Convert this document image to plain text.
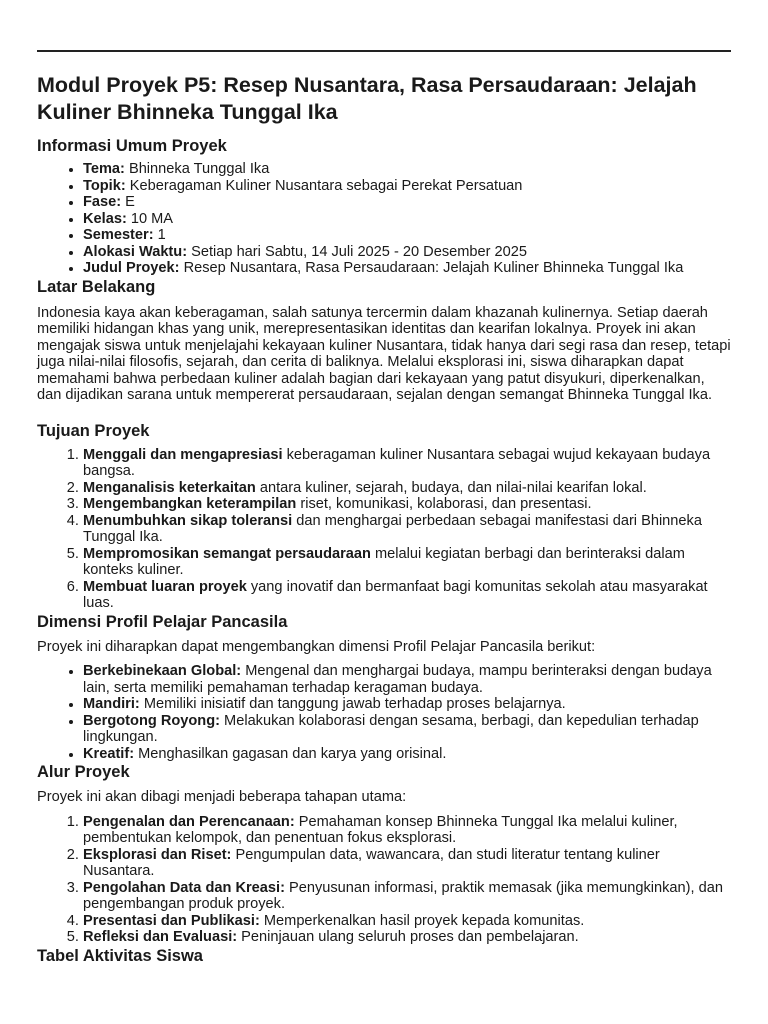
Modul Proyek P5: Resep Nusantara, Rasa Persaudaraan: Jelajah Kuliner Bhinneka Tunggal Ika
Informasi Umum Proyek
• Tema: Bhinneka Tunggal Ika
• Topik: Keberagaman Kuliner Nusantara sebagai Perekat Persatuan
• Fase: E
• Kelas: 10 MA
• Semester: 1
• Alokasi Waktu: Setiap hari Sabtu, 14 Juli 2025 - 20 Desember 2025
• Judul Proyek: Resep Nusantara, Rasa Persaudaraan: Jelajah Kuliner Bhinneka Tunggal Ika
Latar Belakang

Indonesia kaya akan keberagaman, salah satunya tercermin dalam khazanah kulinernya. Setiap daerah memiliki hidangan khas yang unik, merepresentasikan identitas dan kearifan lokalnya. Proyek ini akan mengajak siswa untuk menjelajahi kekayaan kuliner Nusantara, tidak hanya dari segi rasa dan resep, tetapi juga nilai-nilai filosofis, sejarah, dan cerita di baliknya. Melalui eksplorasi ini, siswa diharapkan dapat memahami bahwa perbedaan kuliner adalah bagian dari kekayaan yang patut disyukuri, diperkenalkan, dan dijadikan sarana untuk mempererat persaudaraan, sejalan dengan semangat Bhinneka Tunggal Ika.

Tujuan Proyek
1. Menggali dan mengapresiasi keberagaman kuliner Nusantara sebagai wujud kekayaan budaya bangsa.
2. Menganalisis keterkaitan antara kuliner, sejarah, budaya, dan nilai-nilai kearifan lokal.
3. Mengembangkan keterampilan riset, komunikasi, kolaborasi, dan presentasi.
4. Menumbuhkan sikap toleransi dan menghargai perbedaan sebagai manifestasi dari Bhinneka Tunggal Ika.
5. Mempromosikan semangat persaudaraan melalui kegiatan berbagi dan berinteraksi dalam konteks kuliner.
6. Membuat luaran proyek yang inovatif dan bermanfaat bagi komunitas sekolah atau masyarakat luas.
Dimensi Profil Pelajar Pancasila

Proyek ini diharapkan dapat mengembangkan dimensi Profil Pelajar Pancasila berikut:

• Berkebinekaan Global: Mengenal dan menghargai budaya, mampu berinteraksi dengan budaya lain, serta memiliki pemahaman terhadap keragaman budaya.
• Mandiri: Memiliki inisiatif dan tanggung jawab terhadap proses belajarnya.
• Bergotong Royong: Melakukan kolaborasi dengan sesama, berbagi, dan kepedulian terhadap lingkungan.
• Kreatif: Menghasilkan gagasan dan karya yang orisinal.
Alur Proyek

Proyek ini akan dibagi menjadi beberapa tahapan utama:

1. Pengenalan dan Perencanaan: Pemahaman konsep Bhinneka Tunggal Ika melalui kuliner, pembentukan kelompok, dan penentuan fokus eksplorasi.
2. Eksplorasi dan Riset: Pengumpulan data, wawancara, dan studi literatur tentang kuliner Nusantara.
3. Pengolahan Data dan Kreasi: Penyusunan informasi, praktik memasak (jika memungkinkan), dan pengembangan produk proyek.
4. Presentasi dan Publikasi: Memperkenalkan hasil proyek kepada komunitas.
5. Refleksi dan Evaluasi: Peninjauan ulang seluruh proses dan pembelajaran.
Tabel Aktivitas Siswa
